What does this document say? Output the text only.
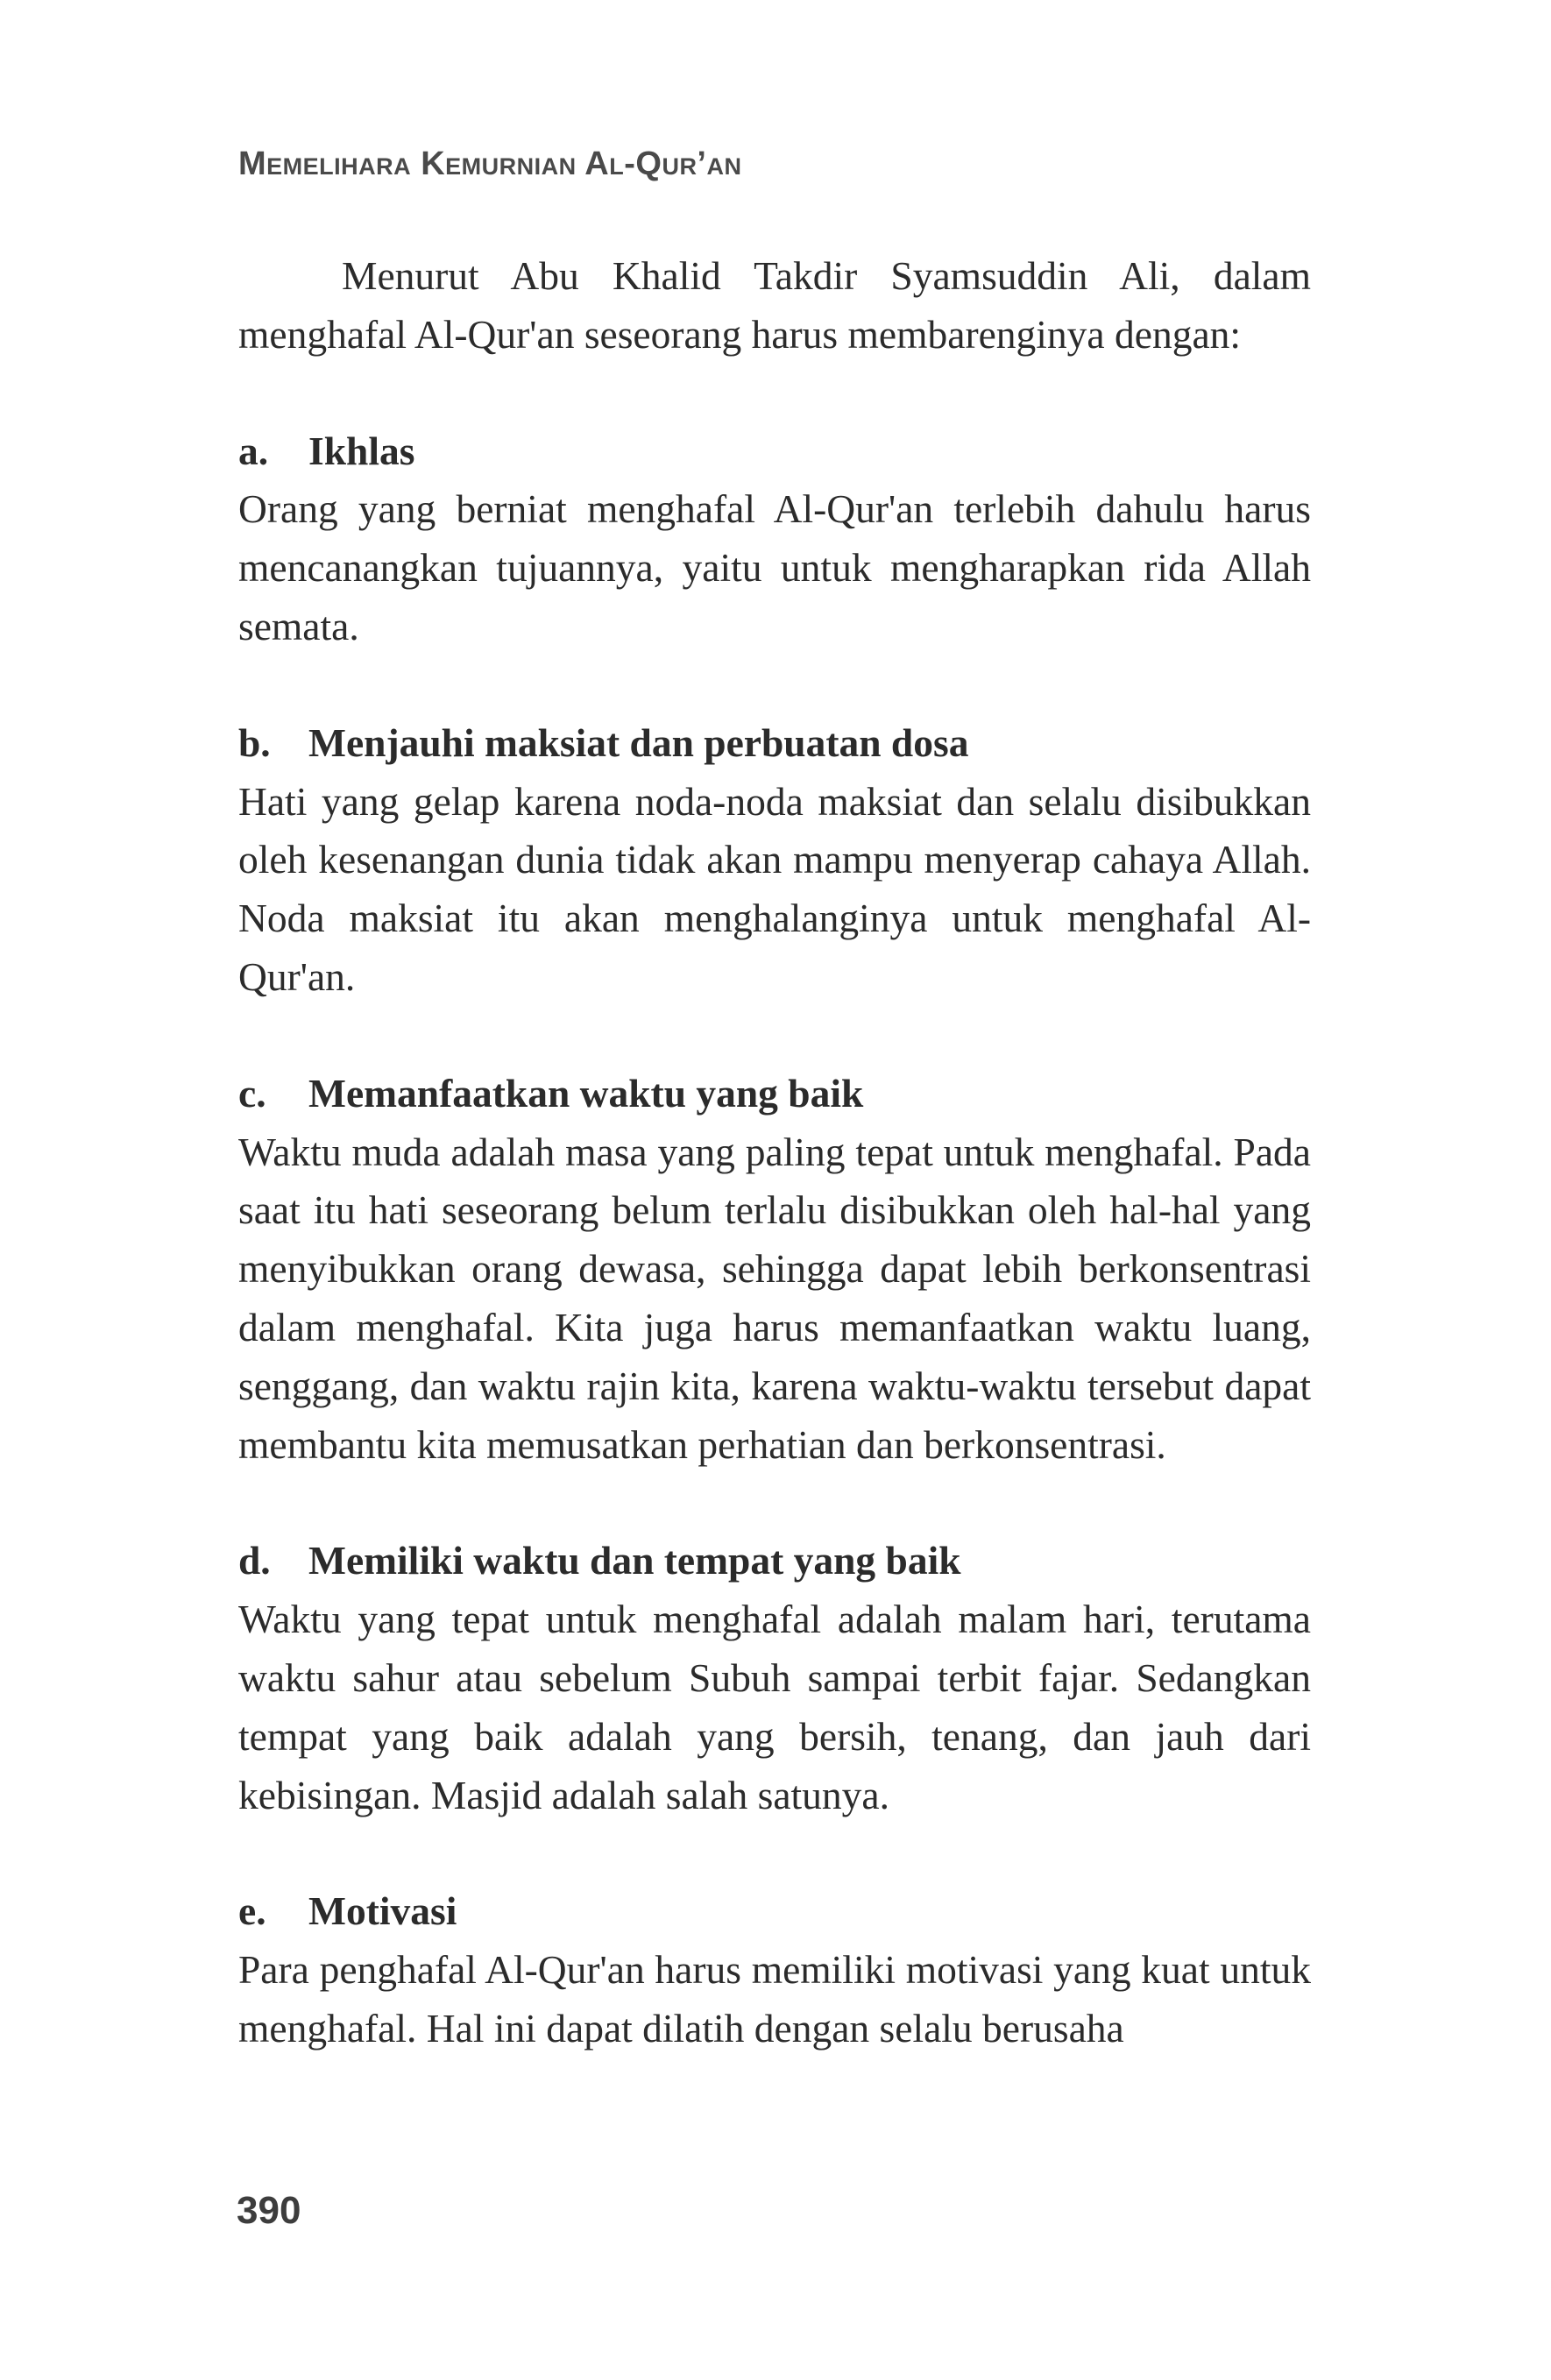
Memelihara Kemurnian Al-Qur’an

Menurut Abu Khalid Takdir Syamsuddin Ali, dalam menghafal Al-Qur'an seseorang harus membarenginya dengan:

a. Ikhlas

Orang yang berniat menghafal Al-Qur'an terlebih dahulu harus mencanangkan tujuannya, yaitu untuk mengharapkan rida Allah semata.

b. Menjauhi maksiat dan perbuatan dosa

Hati yang gelap karena noda-noda maksiat dan selalu disibukkan oleh kesenangan dunia tidak akan mampu menyerap cahaya Allah. Noda maksiat itu akan menghalanginya untuk menghafal Al-Qur'an.

c. Memanfaatkan waktu yang baik

Waktu muda adalah masa yang paling tepat untuk menghafal. Pada saat itu hati seseorang belum terlalu disibukkan oleh hal-hal yang menyibukkan orang dewasa, sehingga dapat lebih berkonsentrasi dalam menghafal. Kita juga harus memanfaatkan waktu luang, senggang, dan waktu rajin kita, karena waktu-waktu tersebut dapat membantu kita memusatkan perhatian dan berkonsentrasi.

d. Memiliki waktu dan tempat yang baik

Waktu yang tepat untuk menghafal adalah malam hari, terutama waktu sahur atau sebelum Subuh sampai terbit fajar. Sedangkan tempat yang baik adalah yang bersih, tenang, dan jauh dari kebisingan. Masjid adalah salah satunya.

e. Motivasi

Para penghafal Al-Qur'an harus memiliki motivasi yang kuat untuk menghafal. Hal ini dapat dilatih dengan selalu berusaha

390
